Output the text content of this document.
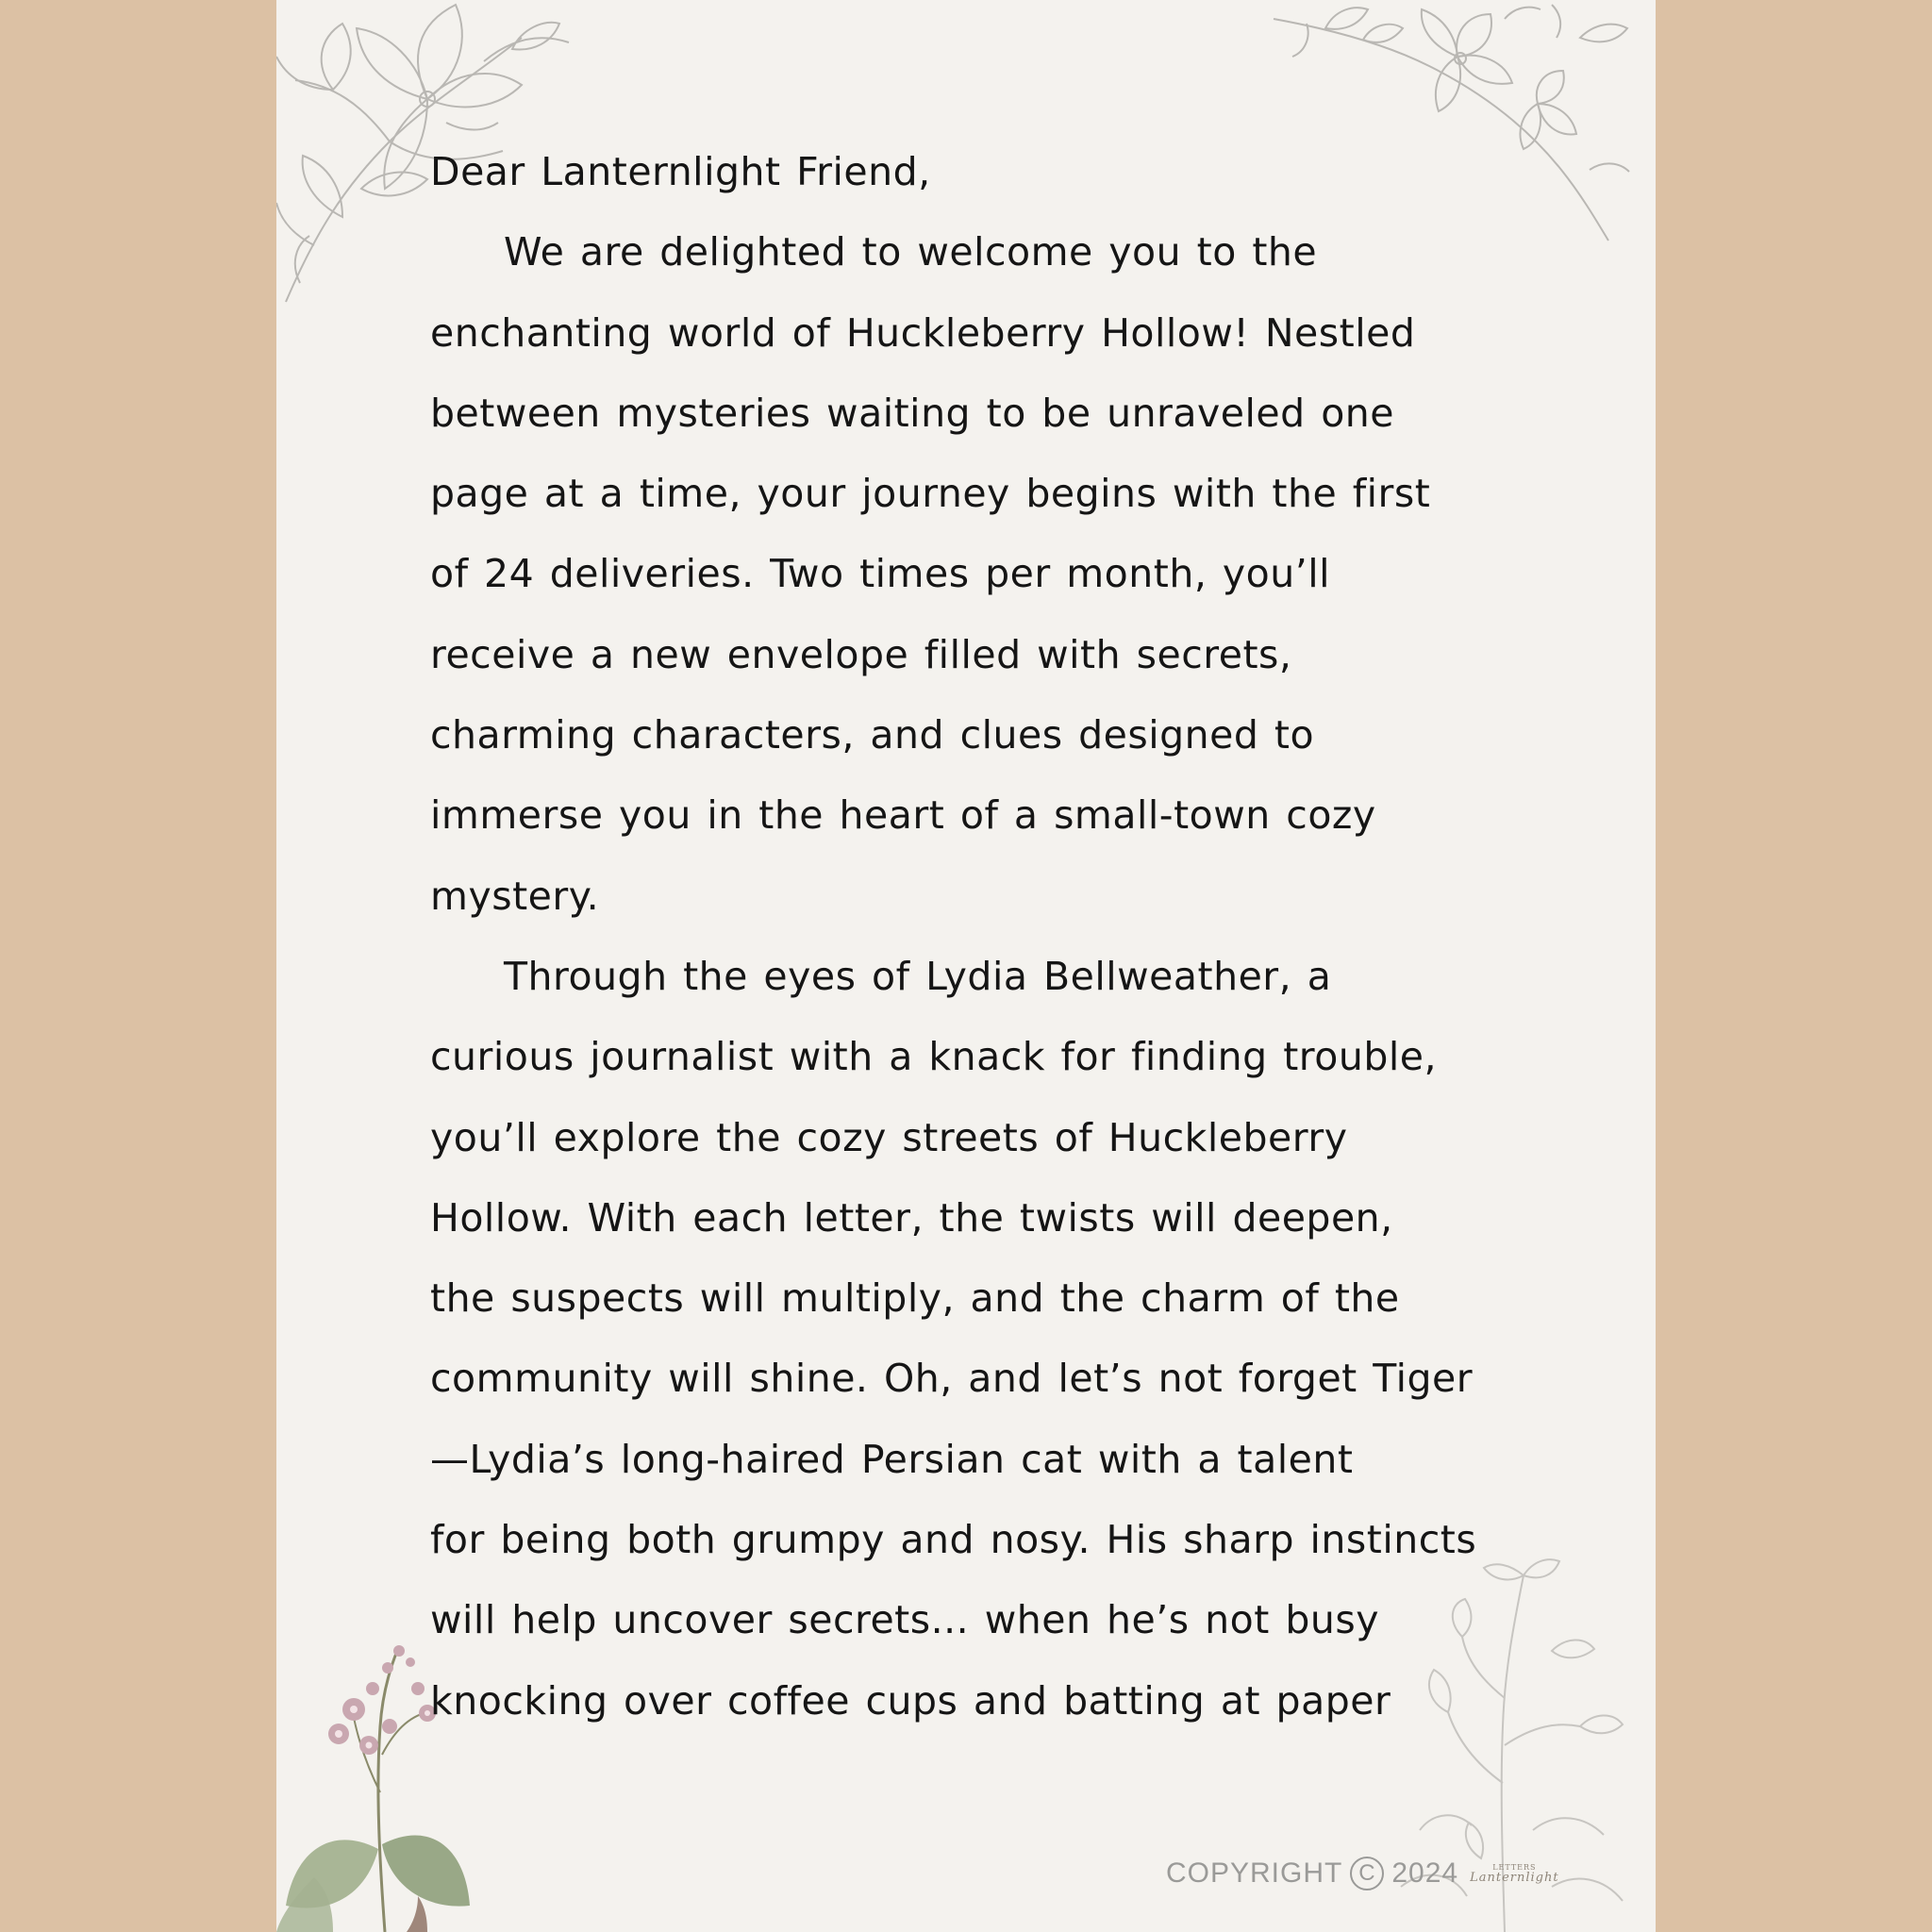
Dear Lanternlight Friend,

We are delighted to welcome you to the
enchanting world of Huckleberry Hollow! Nestled
between mysteries waiting to be unraveled one
page at a time, your journey begins with the first
of 24 deliveries. Two times per month, you’ll
receive a new envelope filled with secrets,
charming characters, and clues designed to
immerse you in the heart of a small-town cozy
mystery.

Through the eyes of Lydia Bellweather, a
curious journalist with a knack for finding trouble,
you’ll explore the cozy streets of Huckleberry
Hollow. With each letter, the twists will deepen,
the suspects will multiply, and the charm of the
community will shine. Oh, and let’s not forget Tiger
—Lydia’s long-haired Persian cat with a talent
for being both grumpy and nosy. His sharp instincts
will help uncover secrets... when he’s not busy
knocking over coffee cups and batting at paper

COPYRIGHT C 2024	LETTERS
Lanternlight
